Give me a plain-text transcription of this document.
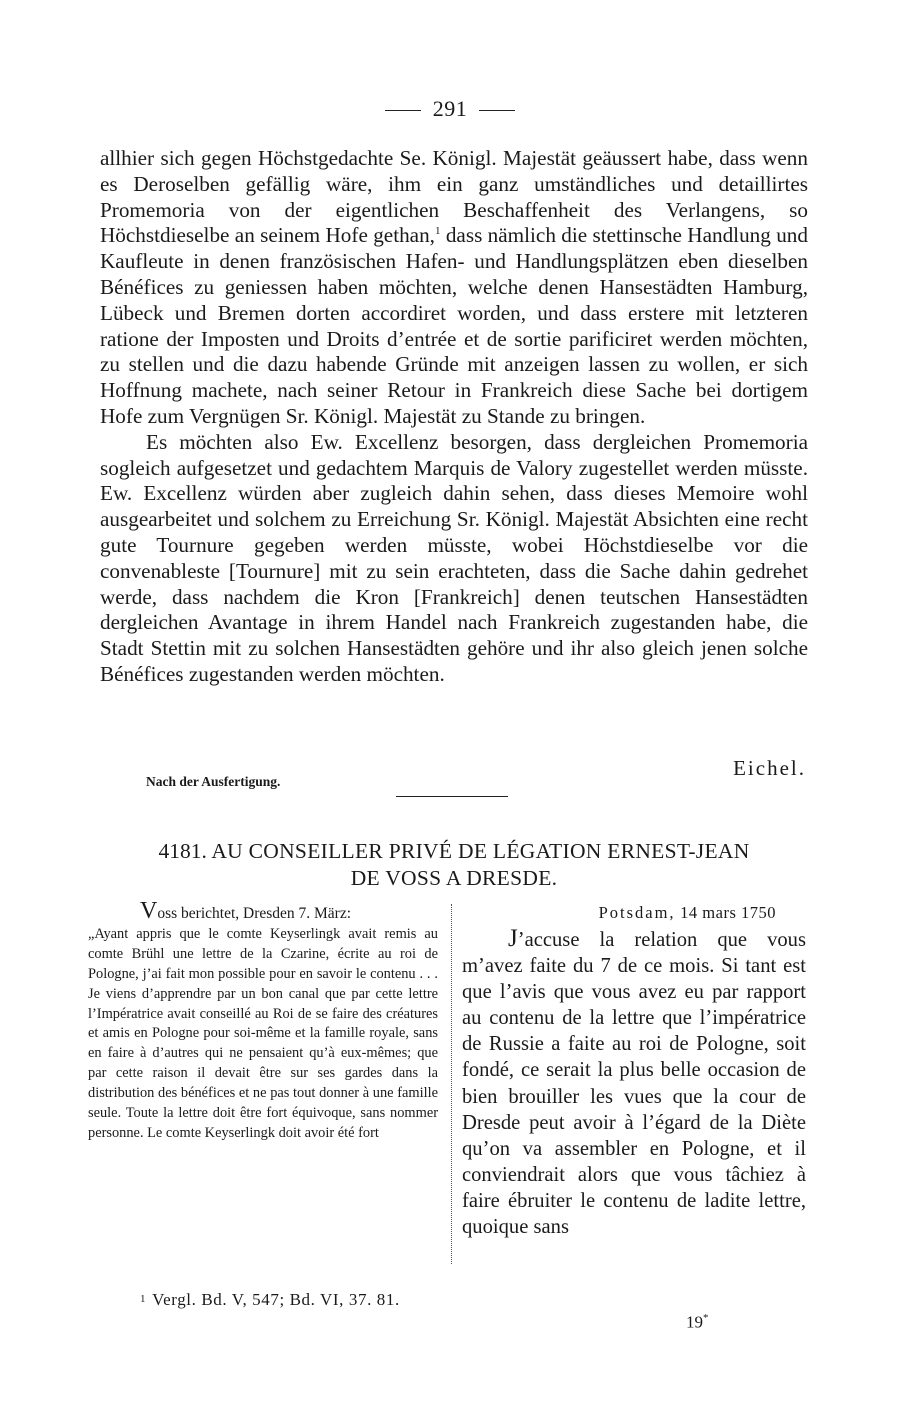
291

allhier sich gegen Höchstgedachte Se. Königl. Majestät geäussert habe, dass wenn es Deroselben gefällig wäre, ihm ein ganz umständliches und detaillirtes Promemoria von der eigentlichen Beschaffenheit des Verlangens, so Höchstdieselbe an seinem Hofe gethan,$^1$ dass nämlich die stettinsche Handlung und Kaufleute in denen französischen Hafen- und Handlungsplätzen eben dieselben Bénéfices zu geniessen haben möchten, welche denen Hansestädten Hamburg, Lübeck und Bremen dorten accordiret worden, und dass erstere mit letzteren ratione der Imposten und Droits d’entrée et de sortie parificiret werden möchten, zu stellen und die dazu habende Gründe mit anzeigen lassen zu wollen, er sich Hoffnung machete, nach seiner Retour in Frankreich diese Sache bei dortigem Hofe zum Vergnügen Sr. Königl. Majestät zu Stande zu bringen.

Es möchten also Ew. Excellenz besorgen, dass dergleichen Promemoria sogleich aufgesetzet und gedachtem Marquis de Valory zugestellet werden müsste. Ew. Excellenz würden aber zugleich dahin sehen, dass dieses Memoire wohl ausgearbeitet und solchem zu Erreichung Sr. Königl. Majestät Absichten eine recht gute Tournure gegeben werden müsste, wobei Höchstdieselbe vor die convenableste [Tournure] mit zu sein erachteten, dass die Sache dahin gedrehet werde, dass nachdem die Kron [Frankreich] denen teutschen Hansestädten dergleichen Avantage in ihrem Handel nach Frankreich zugestanden habe, die Stadt Stettin mit zu solchen Hansestädten gehöre und ihr also gleich jenen solche Bénéfices zugestanden werden möchten.

Eichel.
Nach der Ausfertigung.
4181. AU CONSEILLER PRIVÉ DE LÉGATION ERNEST-JEAN
DE VOSS A DRESDE.
Voss berichtet, Dresden 7. März:
„Ayant appris que le comte Keyserlingk avait remis au comte Brühl une lettre de la Czarine, écrite au roi de Pologne, j’ai fait mon possible pour en savoir le contenu . . . Je viens d’apprendre par un bon canal que par cette lettre l’Impératrice avait conseillé au Roi de se faire des créatures et amis en Pologne pour soi-même et la famille royale, sans en faire à d’autres qui ne pensaient qu’à eux-mêmes; que par cette raison il devait être sur ses gardes dans la distribution des bénéfices et ne pas tout donner à une famille seule. Toute la lettre doit être fort équivoque, sans nommer personne. Le comte Keyserlingk doit avoir été fort
Potsdam, 14 mars 1750

J’accuse la relation que vous m’avez faite du 7 de ce mois. Si tant est que l’avis que vous avez eu par rapport au contenu de la lettre que l’impératrice de Russie a faite au roi de Pologne, soit fondé, ce serait la plus belle occasion de bien brouiller les vues que la cour de Dresde peut avoir à l’égard de la Diète qu’on va assembler en Pologne, et il conviendrait alors que vous tâchiez à faire ébruiter le contenu de ladite lettre, quoique sans

1 Vergl. Bd. V, 547; Bd. VI, 37. 81.
19*
